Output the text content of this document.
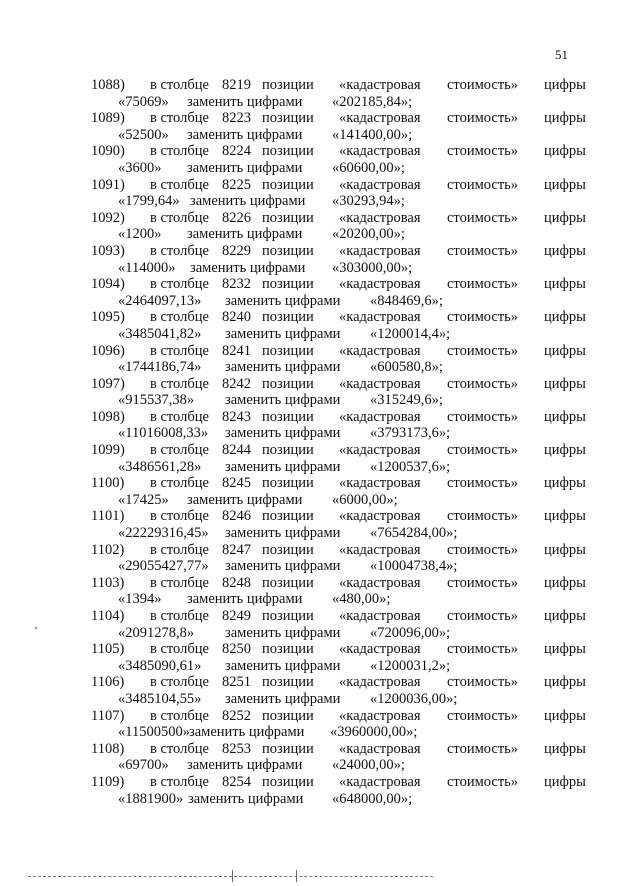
51
1088) в столбце 8219 позиции «кадастровая стоимость» цифры
«75069» заменить цифрами «202185,84»;
1089) в столбце 8223 позиции «кадастровая стоимость» цифры
«52500» заменить цифрами «141400,00»;
1090) в столбце 8224 позиции «кадастровая стоимость» цифры
«3600» заменить цифрами «60600,00»;
1091) в столбце 8225 позиции «кадастровая стоимость» цифры
«1799,64» заменить цифрами «30293,94»;
1092) в столбце 8226 позиции «кадастровая стоимость» цифры
«1200» заменить цифрами «20200,00»;
1093) в столбце 8229 позиции «кадастровая стоимость» цифры
«114000» заменить цифрами «303000,00»;
1094) в столбце 8232 позиции «кадастровая стоимость» цифры
«2464097,13» заменить цифрами «848469,6»;
1095) в столбце 8240 позиции «кадастровая стоимость» цифры
«3485041,82» заменить цифрами «1200014,4»;
1096) в столбце 8241 позиции «кадастровая стоимость» цифры
«1744186,74» заменить цифрами «600580,8»;
1097) в столбце 8242 позиции «кадастровая стоимость» цифры
«915537,38» заменить цифрами «315249,6»;
1098) в столбце 8243 позиции «кадастровая стоимость» цифры
«11016008,33» заменить цифрами «3793173,6»;
1099) в столбце 8244 позиции «кадастровая стоимость» цифры
«3486561,28» заменить цифрами «1200537,6»;
1100) в столбце 8245 позиции «кадастровая стоимость» цифры
«17425» заменить цифрами «6000,00»;
1101) в столбце 8246 позиции «кадастровая стоимость» цифры
«22229316,45» заменить цифрами «7654284,00»;
1102) в столбце 8247 позиции «кадастровая стоимость» цифры
«29055427,77» заменить цифрами «10004738,4»;
1103) в столбце 8248 позиции «кадастровая стоимость» цифры
«1394» заменить цифрами «480,00»;
1104) в столбце 8249 позиции «кадастровая стоимость» цифры
«2091278,8» заменить цифрами «720096,00»;
1105) в столбце 8250 позиции «кадастровая стоимость» цифры
«3485090,61» заменить цифрами «1200031,2»;
1106) в столбце 8251 позиции «кадастровая стоимость» цифры
«3485104,55» заменить цифрами «1200036,00»;
1107) в столбце 8252 позиции «кадастровая стоимость» цифры
«11500500» заменить цифрами «3960000,00»;
1108) в столбце 8253 позиции «кадастровая стоимость» цифры
«69700» заменить цифрами «24000,00»;
1109) в столбце 8254 позиции «кадастровая стоимость» цифры
«1881900» заменить цифрами «648000,00»;
